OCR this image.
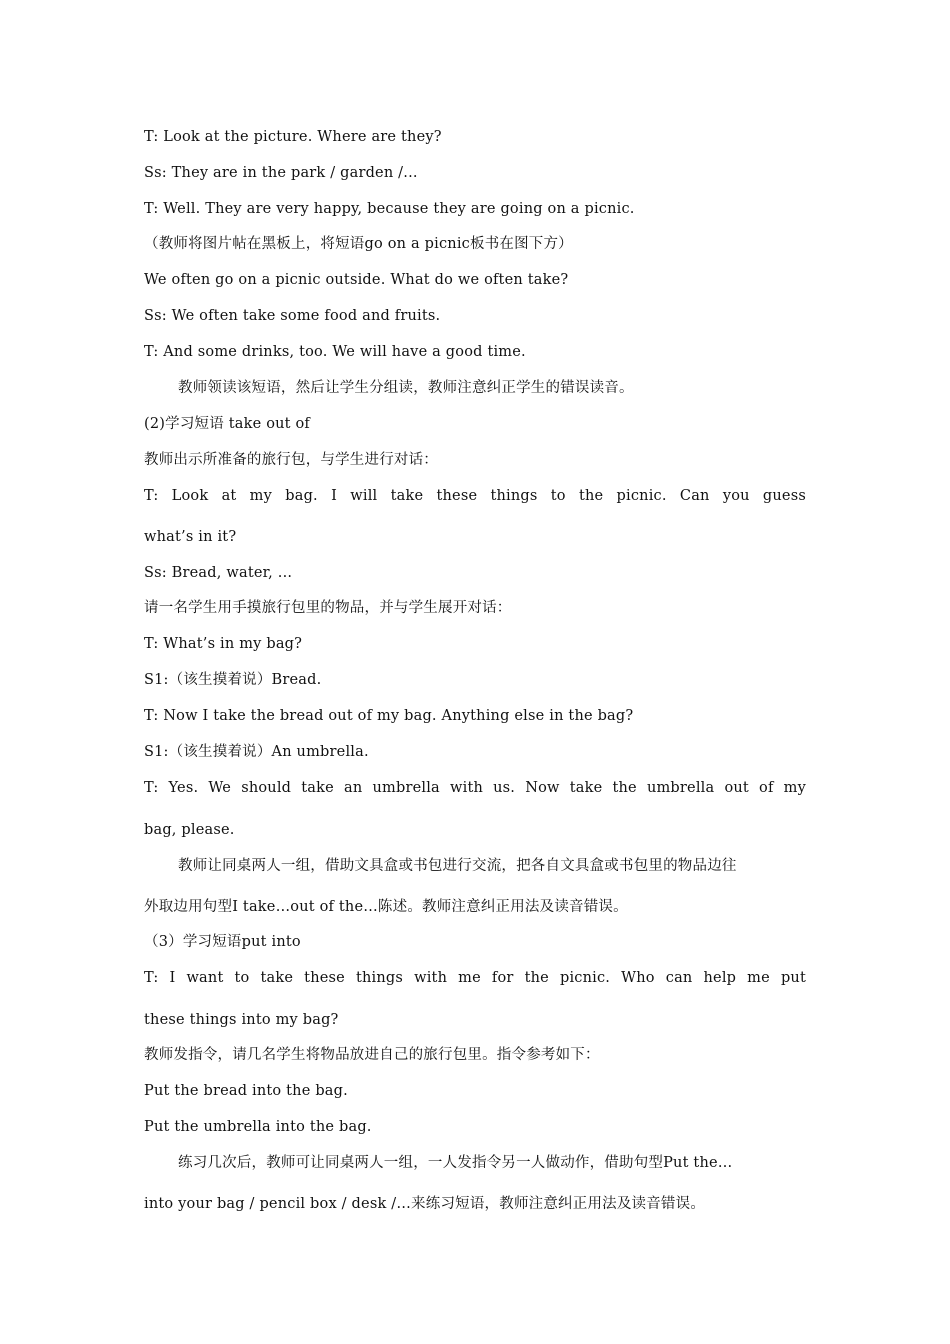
T: Look at the picture. Where are they?
Ss: They are in the park / garden /...
T: Well. They are very happy, because they are going on a picnic.
（教师将图片帖在黑板上，将短语go on a picnic板书在图下方）
We often go on a picnic outside. What do we often take?
Ss: We often take some food and fruits.
T: And some drinks, too. We will have a good time.
教师领读该短语，然后让学生分组读，教师注意纠正学生的错误读音。
(2)学习短语 take out of
教师出示所准备的旅行包，与学生进行对话：
T: Look at my bag. I will take these things to the picnic. Can you guess
what’s in it?
Ss: Bread, water, ...
请一名学生用手摸旅行包里的物品，并与学生展开对话：
T: What’s in my bag?
S1:（该生摸着说）Bread.
T: Now I take the bread out of my bag. Anything else in the bag?
S1:（该生摸着说）An umbrella.
T: Yes. We should take an umbrella with us. Now take the umbrella out of my
bag, please.
教师让同桌两人一组，借助文具盒或书包进行交流，把各自文具盒或书包里的物品边往
外取边用句型I take…out of the…陈述。教师注意纠正用法及读音错误。
（3）学习短语put into
T: I want to take these things with me for the picnic. Who can help me put
these things into my bag?
教师发指令，请几名学生将物品放进自己的旅行包里。指令参考如下：
Put the bread into the bag.
Put the umbrella into the bag.
练习几次后，教师可让同桌两人一组，一人发指令另一人做动作，借助句型Put the…
into your bag / pencil box / desk /…来练习短语，教师注意纠正用法及读音错误。
